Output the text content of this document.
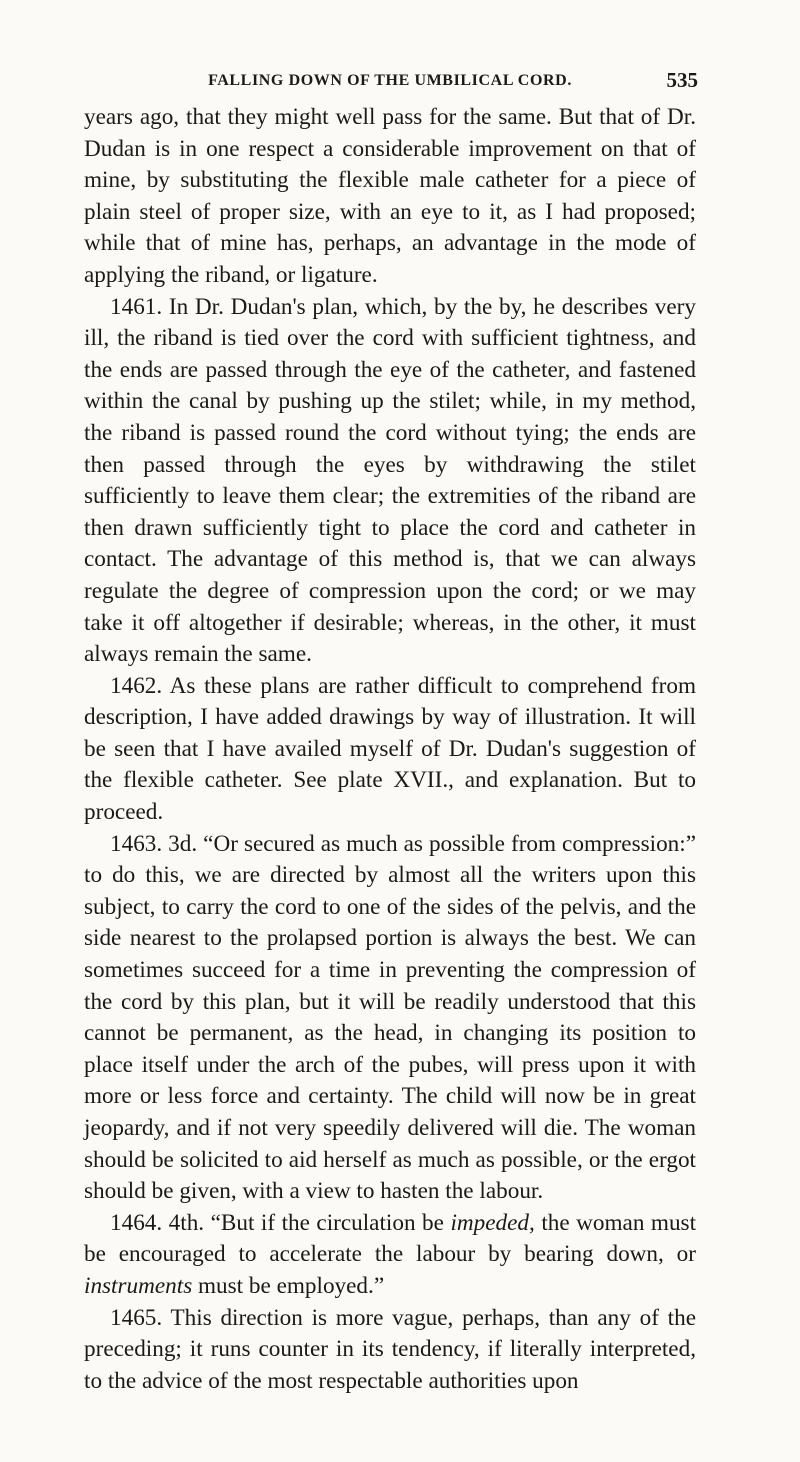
FALLING DOWN OF THE UMBILICAL CORD.	535

years ago, that they might well pass for the same. But that of Dr. Dudan is in one respect a considerable improvement on that of mine, by substituting the flexible male catheter for a piece of plain steel of proper size, with an eye to it, as I had proposed; while that of mine has, perhaps, an advantage in the mode of applying the riband, or ligature.

1461. In Dr. Dudan's plan, which, by the by, he describes very ill, the riband is tied over the cord with sufficient tightness, and the ends are passed through the eye of the catheter, and fastened within the canal by pushing up the stilet; while, in my method, the riband is passed round the cord without tying; the ends are then passed through the eyes by withdrawing the stilet sufficiently to leave them clear; the extremities of the riband are then drawn sufficiently tight to place the cord and catheter in contact. The advantage of this method is, that we can always regulate the degree of compression upon the cord; or we may take it off altogether if desirable; whereas, in the other, it must always remain the same.

1462. As these plans are rather difficult to comprehend from description, I have added drawings by way of illustration. It will be seen that I have availed myself of Dr. Dudan's suggestion of the flexible catheter. See plate XVII., and explanation. But to proceed.

1463. 3d. “Or secured as much as possible from compression:” to do this, we are directed by almost all the writers upon this subject, to carry the cord to one of the sides of the pelvis, and the side nearest to the prolapsed portion is always the best. We can sometimes succeed for a time in preventing the compression of the cord by this plan, but it will be readily understood that this cannot be permanent, as the head, in changing its position to place itself under the arch of the pubes, will press upon it with more or less force and certainty. The child will now be in great jeopardy, and if not very speedily delivered will die. The woman should be solicited to aid herself as much as possible, or the ergot should be given, with a view to hasten the labour.

1464. 4th. “But if the circulation be impeded, the woman must be encouraged to accelerate the labour by bearing down, or instruments must be employed.”

1465. This direction is more vague, perhaps, than any of the preceding; it runs counter in its tendency, if literally interpreted, to the advice of the most respectable authorities upon
